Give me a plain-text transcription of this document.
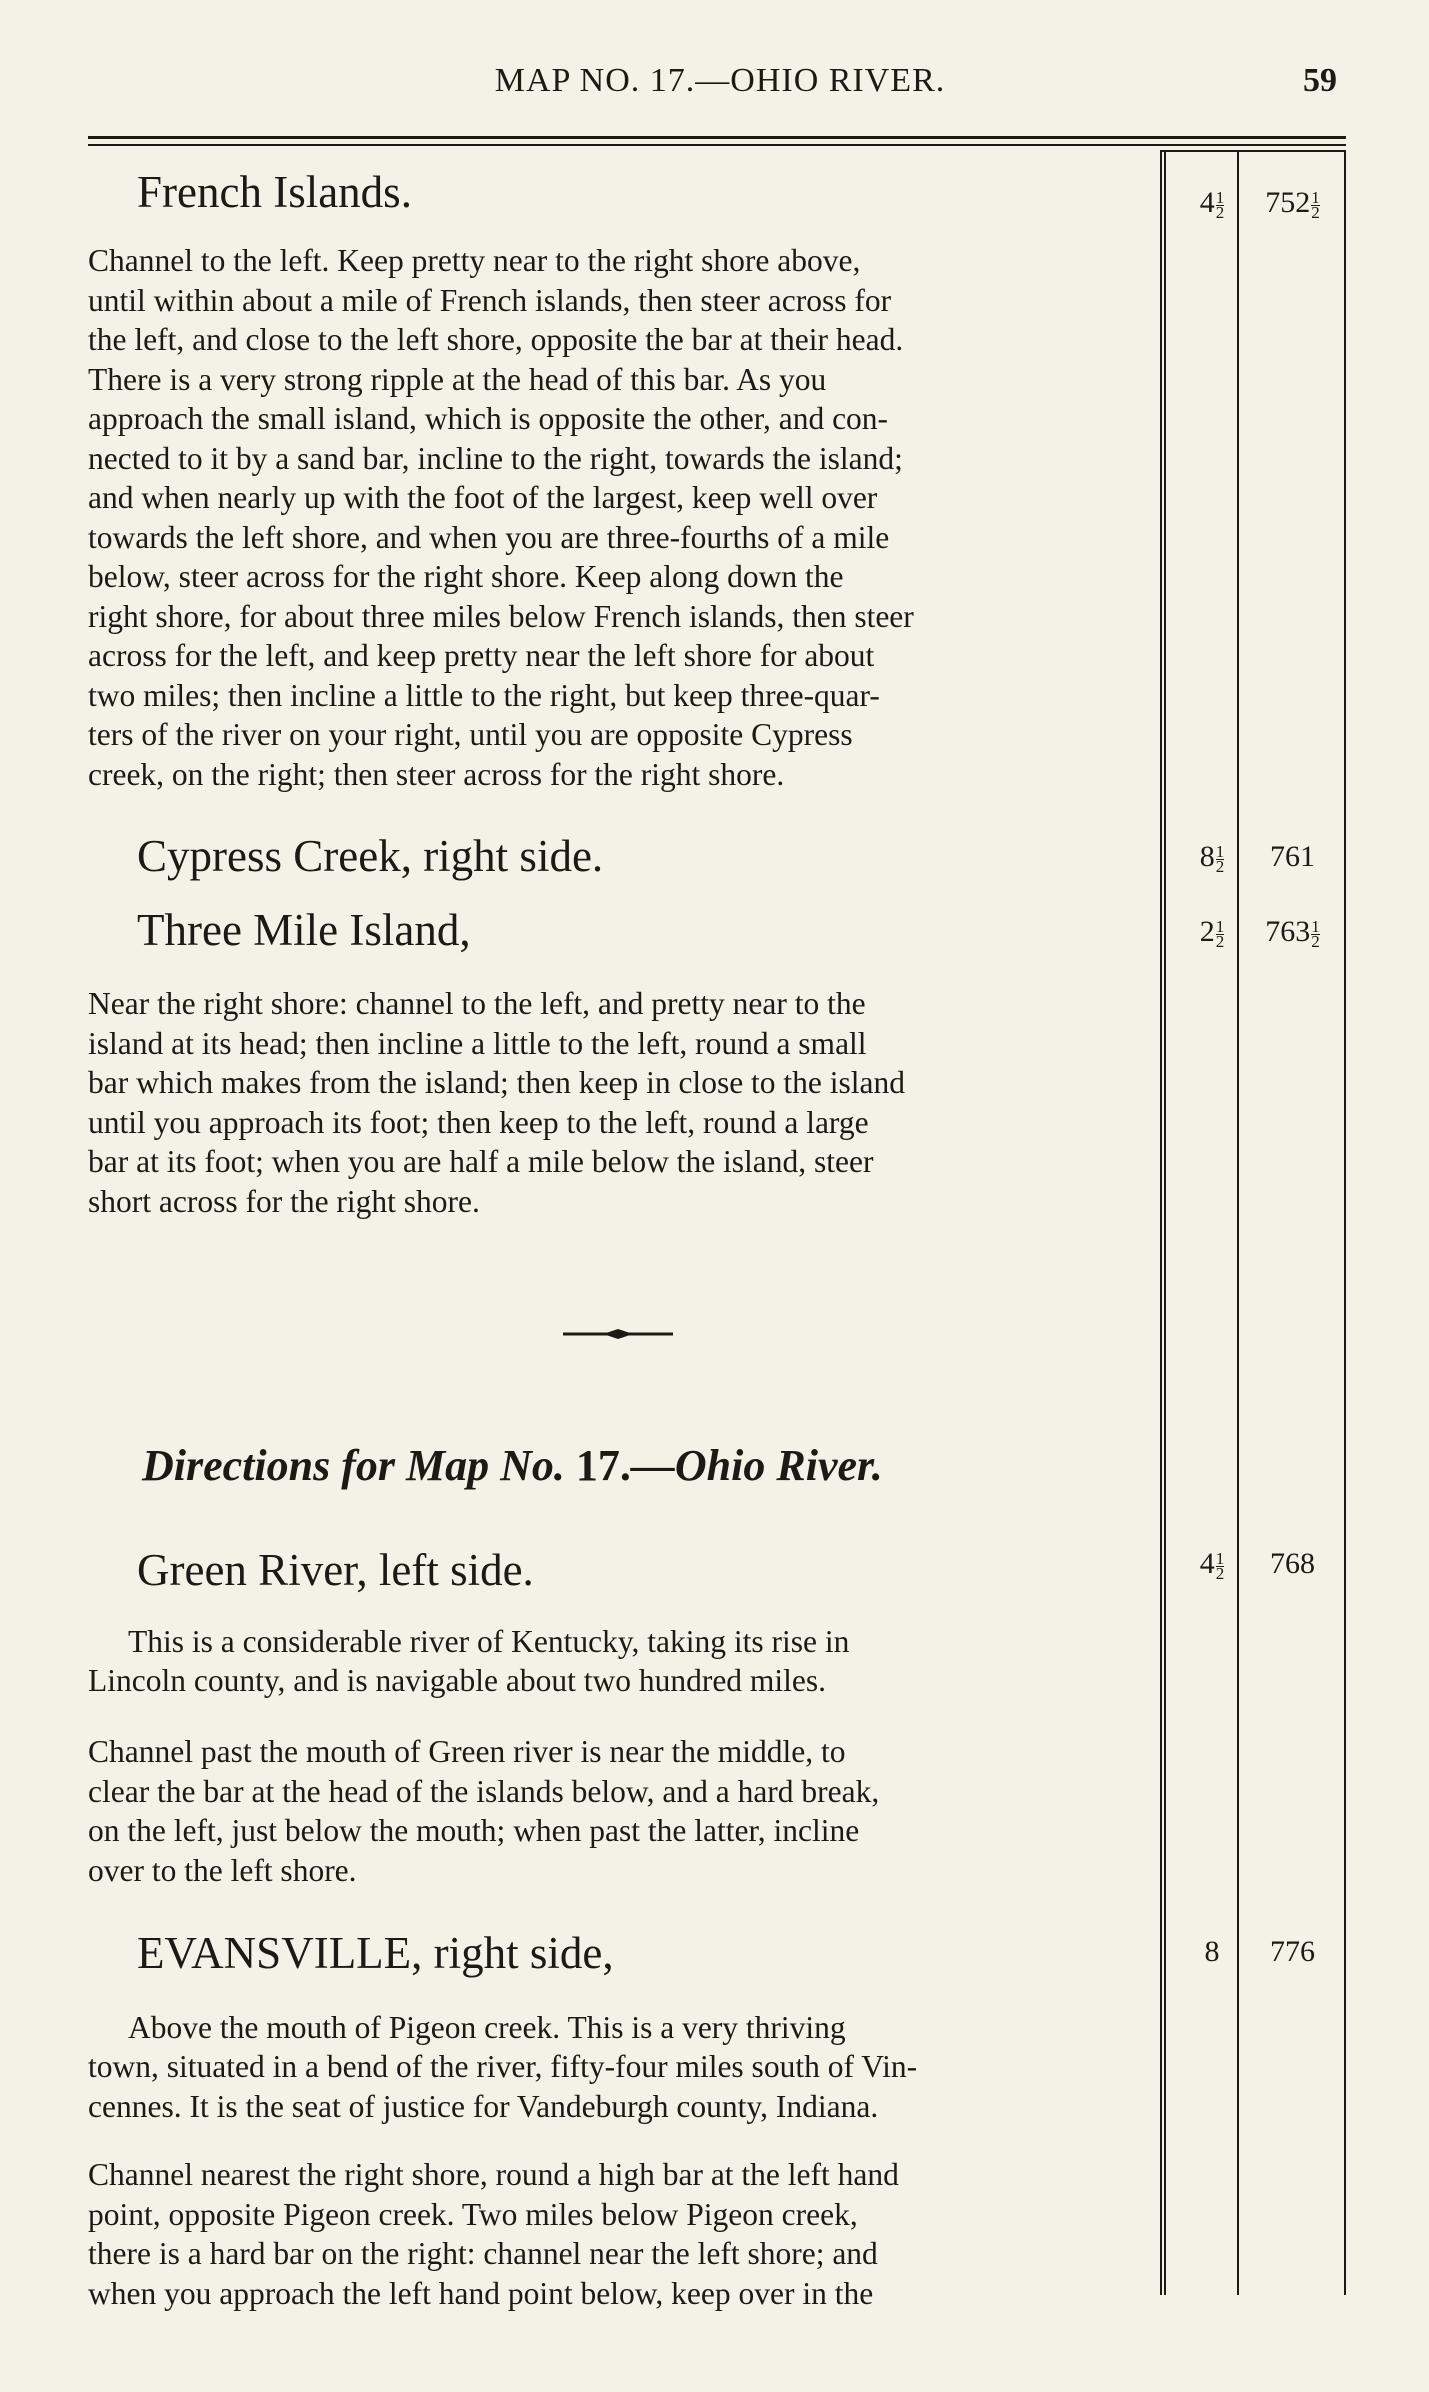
MAP NO. 17.—OHIO RIVER.	59
French Islands.	$4 \frac{1}{2}$	$752 \frac{1}{2}$
Channel to the left. Keep pretty near to the right shore above,
until within about a mile of French islands, then steer across for
the left, and close to the left shore, opposite the bar at their head.
There is a very strong ripple at the head of this bar. As you
approach the small island, which is opposite the other, and con-
nected to it by a sand bar, incline to the right, towards the island;
and when nearly up with the foot of the largest, keep well over
towards the left shore, and when you are three-fourths of a mile
below, steer across for the right shore. Keep along down the
right shore, for about three miles below French islands, then steer
across for the left, and keep pretty near the left shore for about
two miles; then incline a little to the right, but keep three-quar-
ters of the river on your right, until you are opposite Cypress
creek, on the right; then steer across for the right shore.
Cypress Creek, right side.	$8 \frac{1}{2}$	761
Three Mile Island,	$2 \frac{1}{2}$	$763 \frac{1}{2}$
Near the right shore: channel to the left, and pretty near to the
island at its head; then incline a little to the left, round a small
bar which makes from the island; then keep in close to the island
until you approach its foot; then keep to the left, round a large
bar at its foot; when you are half a mile below the island, steer
short across for the right shore.
Directions for Map No. 17.—Ohio River.
Green River, left side.	$4 \frac{1}{2}$	768
This is a considerable river of Kentucky, taking its rise in
Lincoln county, and is navigable about two hundred miles.
Channel past the mouth of Green river is near the middle, to
clear the bar at the head of the islands below, and a hard break,
on the left, just below the mouth; when past the latter, incline
over to the left shore.
EVANSVILLE, right side,	8	776
Above the mouth of Pigeon creek. This is a very thriving
town, situated in a bend of the river, fifty-four miles south of Vin-
cennes. It is the seat of justice for Vandeburgh county, Indiana.
Channel nearest the right shore, round a high bar at the left hand
point, opposite Pigeon creek. Two miles below Pigeon creek,
there is a hard bar on the right: channel near the left shore; and
when you approach the left hand point below, keep over in the
